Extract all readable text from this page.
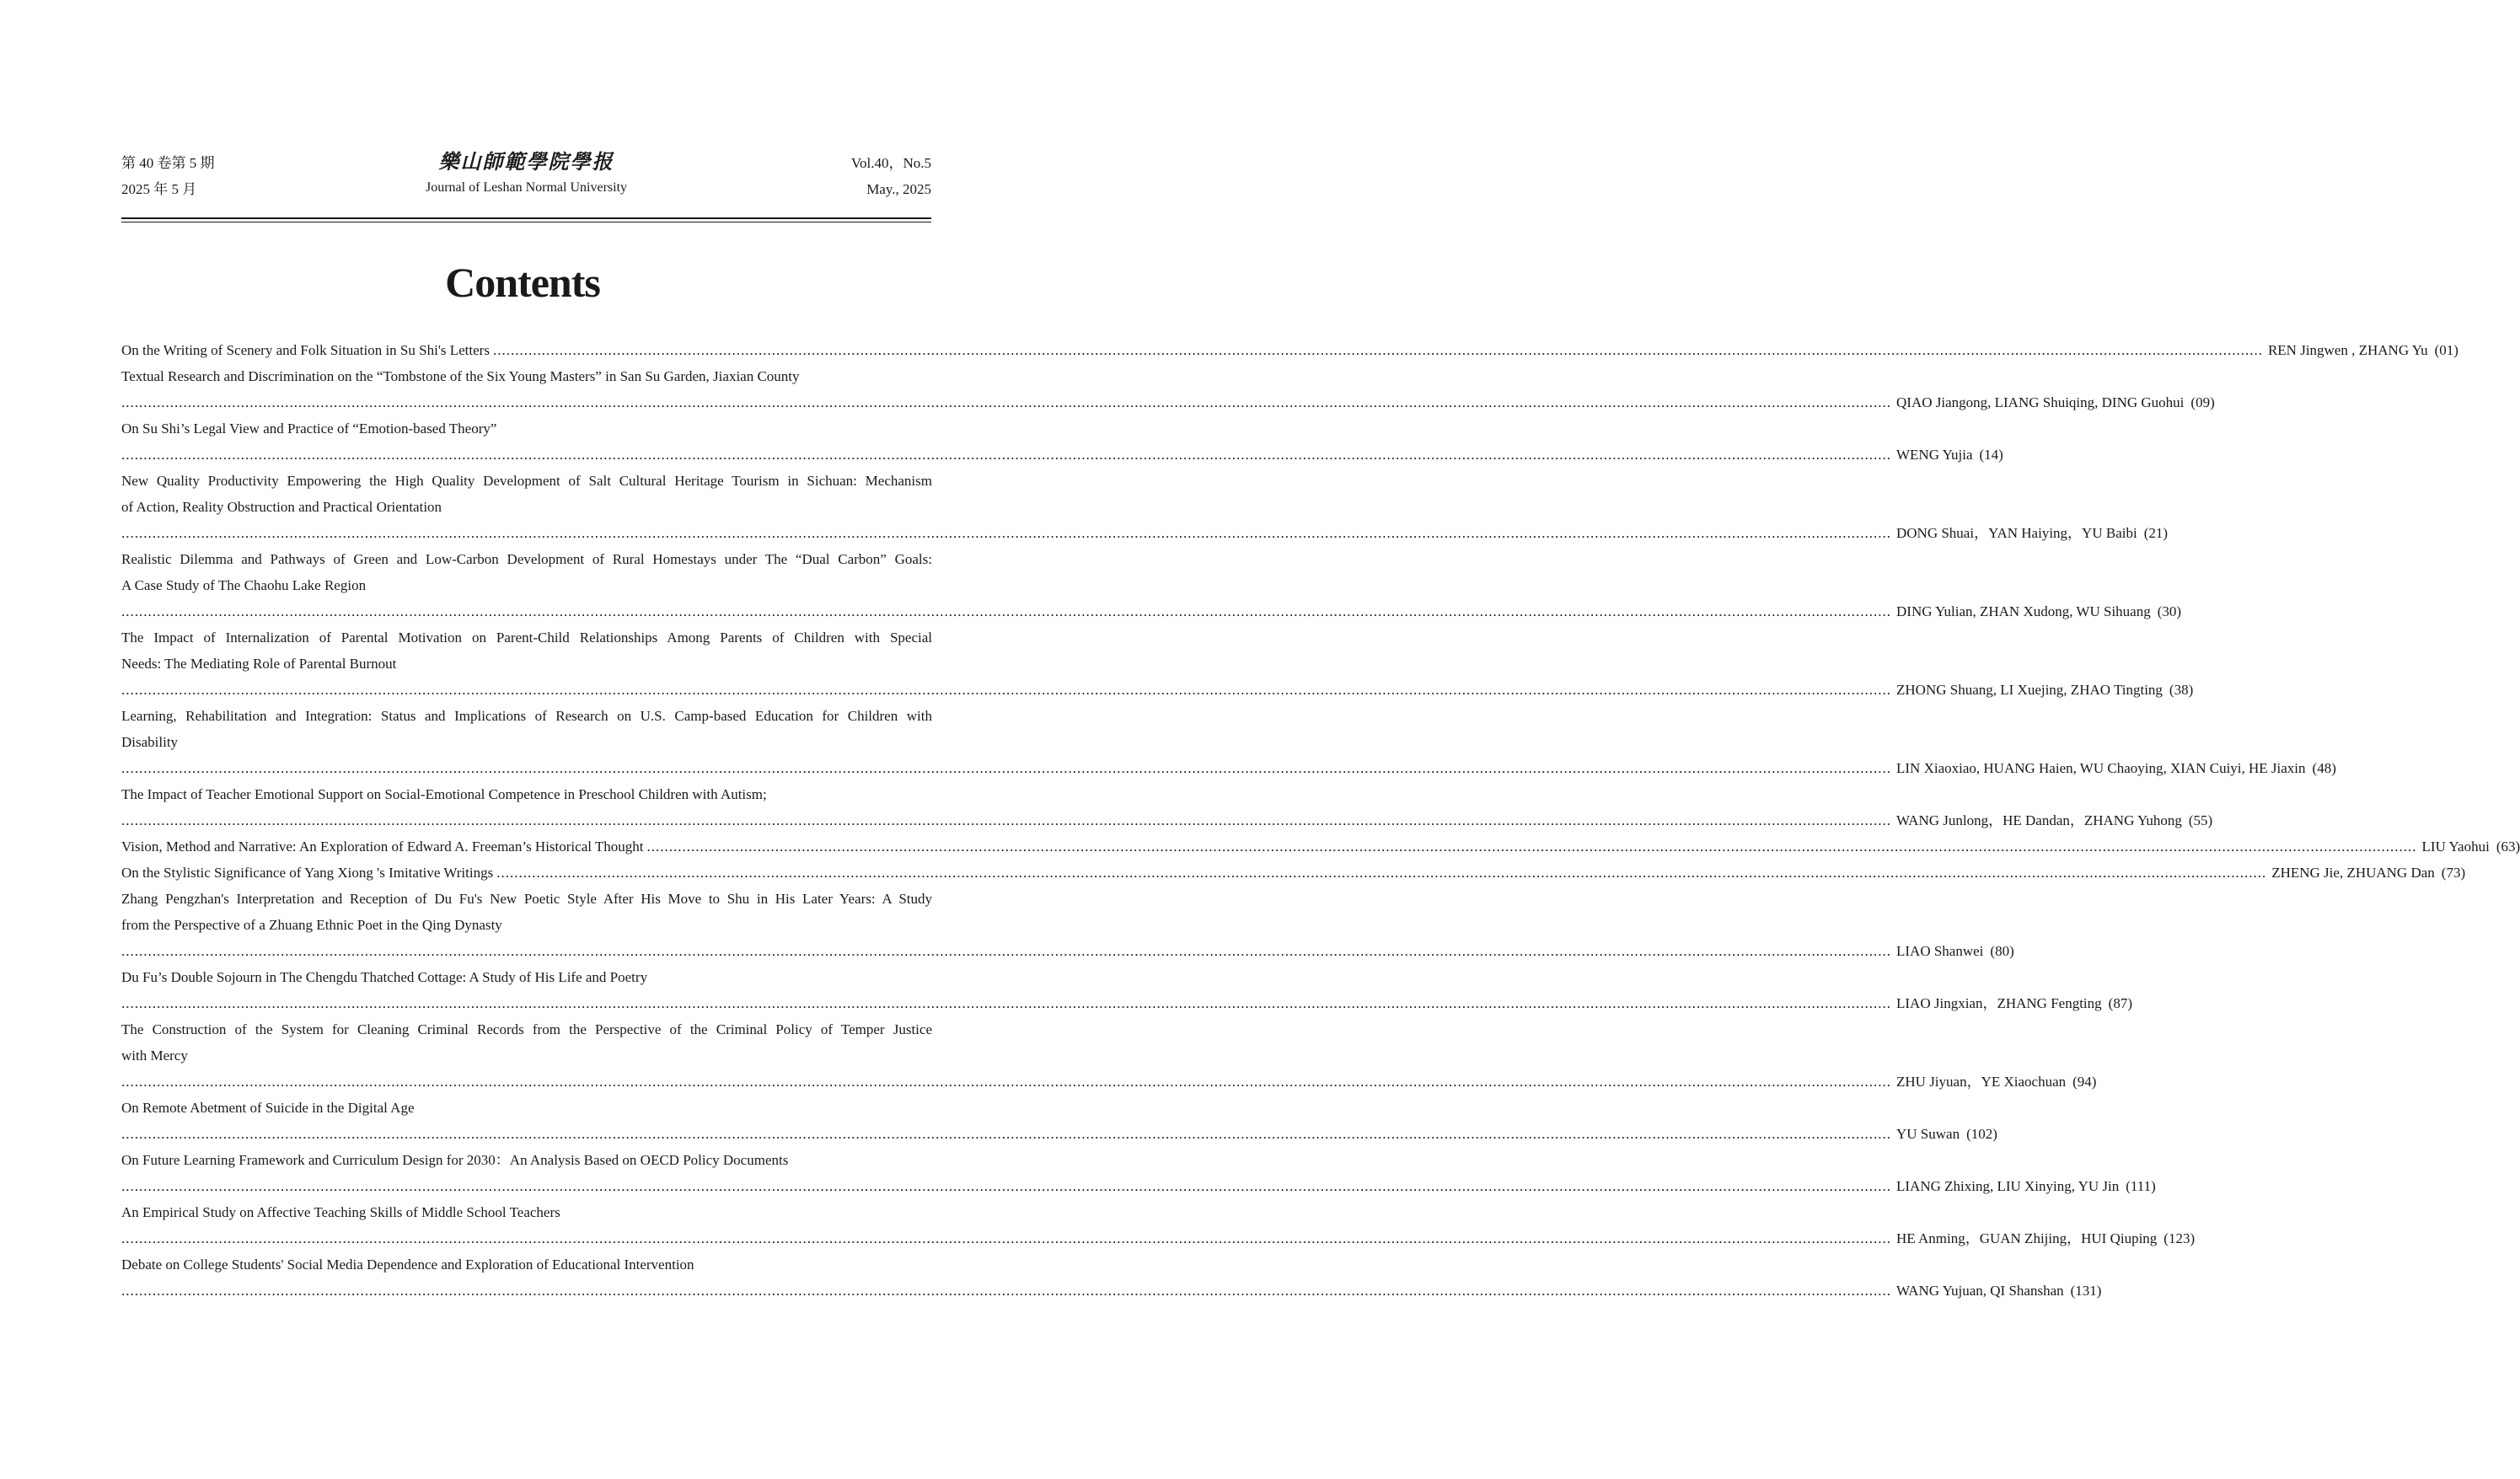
第 40 卷第 5 期
2025 年 5 月
樂山師範學院學报
Journal of Leshan Normal University
Vol.40，No.5
May., 2025
Contents
On the Writing of Scenery and Folk Situation in Su Shi's Letters ................................................................................................................................................................................................................................................................................................................................................................................................................ REN Jingwen , ZHANG Yu (01)
Textual Research and Discrimination on the “Tombstone of the Six Young Masters” in San Su Garden, Jiaxian County
................................................................................................................................................................................................................................................................................................................................................................................................................ QIAO Jiangong, LIANG Shuiqing, DING Guohui (09)
On Su Shi’s Legal View and Practice of “Emotion-based Theory”
................................................................................................................................................................................................................................................................................................................................................................................................................ WENG Yujia (14)
New Quality Productivity Empowering the High Quality Development of Salt Cultural Heritage Tourism in Sichuan: Mechanism
of Action, Reality Obstruction and Practical Orientation
................................................................................................................................................................................................................................................................................................................................................................................................................ DONG Shuai，YAN Haiying，YU Baibi (21)
Realistic Dilemma and Pathways of Green and Low-Carbon Development of Rural Homestays under The “Dual Carbon” Goals:
A Case Study of The Chaohu Lake Region
................................................................................................................................................................................................................................................................................................................................................................................................................ DING Yulian, ZHAN Xudong, WU Sihuang (30)
The Impact of Internalization of Parental Motivation on Parent-Child Relationships Among Parents of Children with Special
Needs: The Mediating Role of Parental Burnout
................................................................................................................................................................................................................................................................................................................................................................................................................ ZHONG Shuang, LI Xuejing, ZHAO Tingting (38)
Learning, Rehabilitation and Integration: Status and Implications of Research on U.S. Camp-based Education for Children with
Disability
................................................................................................................................................................................................................................................................................................................................................................................................................ LIN Xiaoxiao, HUANG Haien, WU Chaoying, XIAN Cuiyi, HE Jiaxin (48)
The Impact of Teacher Emotional Support on Social-Emotional Competence in Preschool Children with Autism;
................................................................................................................................................................................................................................................................................................................................................................................................................ WANG Junlong，HE Dandan，ZHANG Yuhong (55)
Vision, Method and Narrative: An Exploration of Edward A. Freeman’s Historical Thought ................................................................................................................................................................................................................................................................................................................................................................................................................ LIU Yaohui (63)
On the Stylistic Significance of Yang Xiong 's Imitative Writings ................................................................................................................................................................................................................................................................................................................................................................................................................ ZHENG Jie, ZHUANG Dan (73)
Zhang Pengzhan's Interpretation and Reception of Du Fu's New Poetic Style After His Move to Shu in His Later Years: A Study
from the Perspective of a Zhuang Ethnic Poet in the Qing Dynasty
................................................................................................................................................................................................................................................................................................................................................................................................................ LIAO Shanwei (80)
Du Fu’s Double Sojourn in The Chengdu Thatched Cottage: A Study of His Life and Poetry
................................................................................................................................................................................................................................................................................................................................................................................................................ LIAO Jingxian，ZHANG Fengting (87)
The Construction of the System for Cleaning Criminal Records from the Perspective of the Criminal Policy of Temper Justice
with Mercy
................................................................................................................................................................................................................................................................................................................................................................................................................ ZHU Jiyuan，YE Xiaochuan (94)
On Remote Abetment of Suicide in the Digital Age
................................................................................................................................................................................................................................................................................................................................................................................................................ YU Suwan (102)
On Future Learning Framework and Curriculum Design for 2030：An Analysis Based on OECD Policy Documents
................................................................................................................................................................................................................................................................................................................................................................................................................ LIANG Zhixing, LIU Xinying, YU Jin (111)
An Empirical Study on Affective Teaching Skills of Middle School Teachers
................................................................................................................................................................................................................................................................................................................................................................................................................ HE Anming，GUAN Zhijing，HUI Qiuping (123)
Debate on College Students' Social Media Dependence and Exploration of Educational Intervention
................................................................................................................................................................................................................................................................................................................................................................................................................ WANG Yujuan, QI Shanshan (131)
